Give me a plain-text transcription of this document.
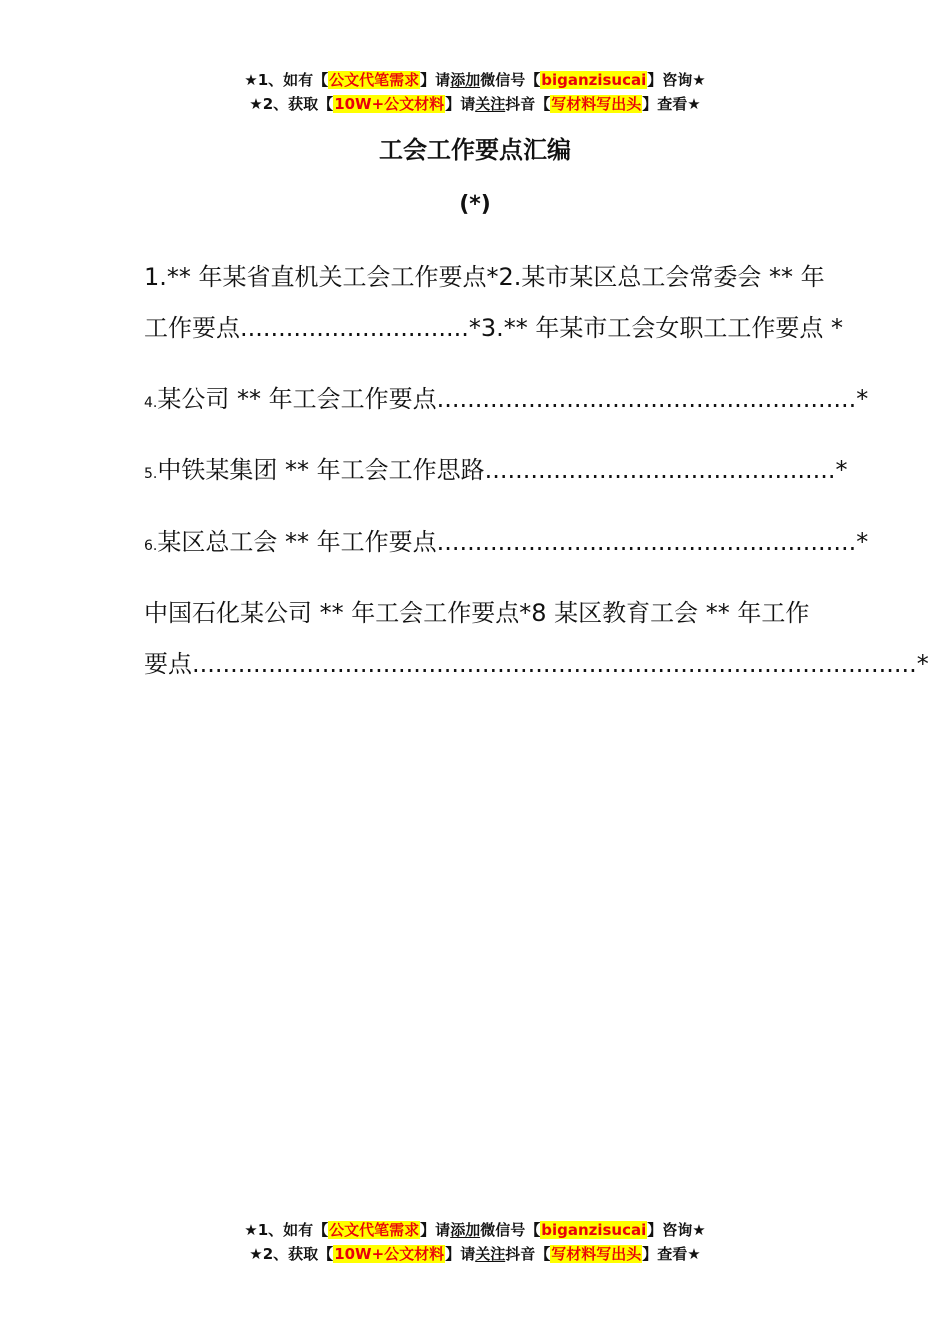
★1、如有【公文代笔需求】请添加微信号【biganzisucai】咨询★
★2、获取【10W+公文材料】请关注抖音【写材料写出头】查看★
工会工作要点汇编
(*)
1.** 年某省直机关工会工作要点*2.某市某区总工会常委会 ** 年
工作要点..............................*3.** 年某市工会女职工工作要点 *
4.某公司 ** 年工会工作要点.......................................................*
5.中铁某集团 ** 年工会工作思路..............................................*
6.某区总工会 ** 年工作要点.......................................................*
中国石化某公司 ** 年工会工作要点*8 某区教育工会 ** 年工作
要点...............................................................................................*
★1、如有【公文代笔需求】请添加微信号【biganzisucai】咨询★
★2、获取【10W+公文材料】请关注抖音【写材料写出头】查看★
